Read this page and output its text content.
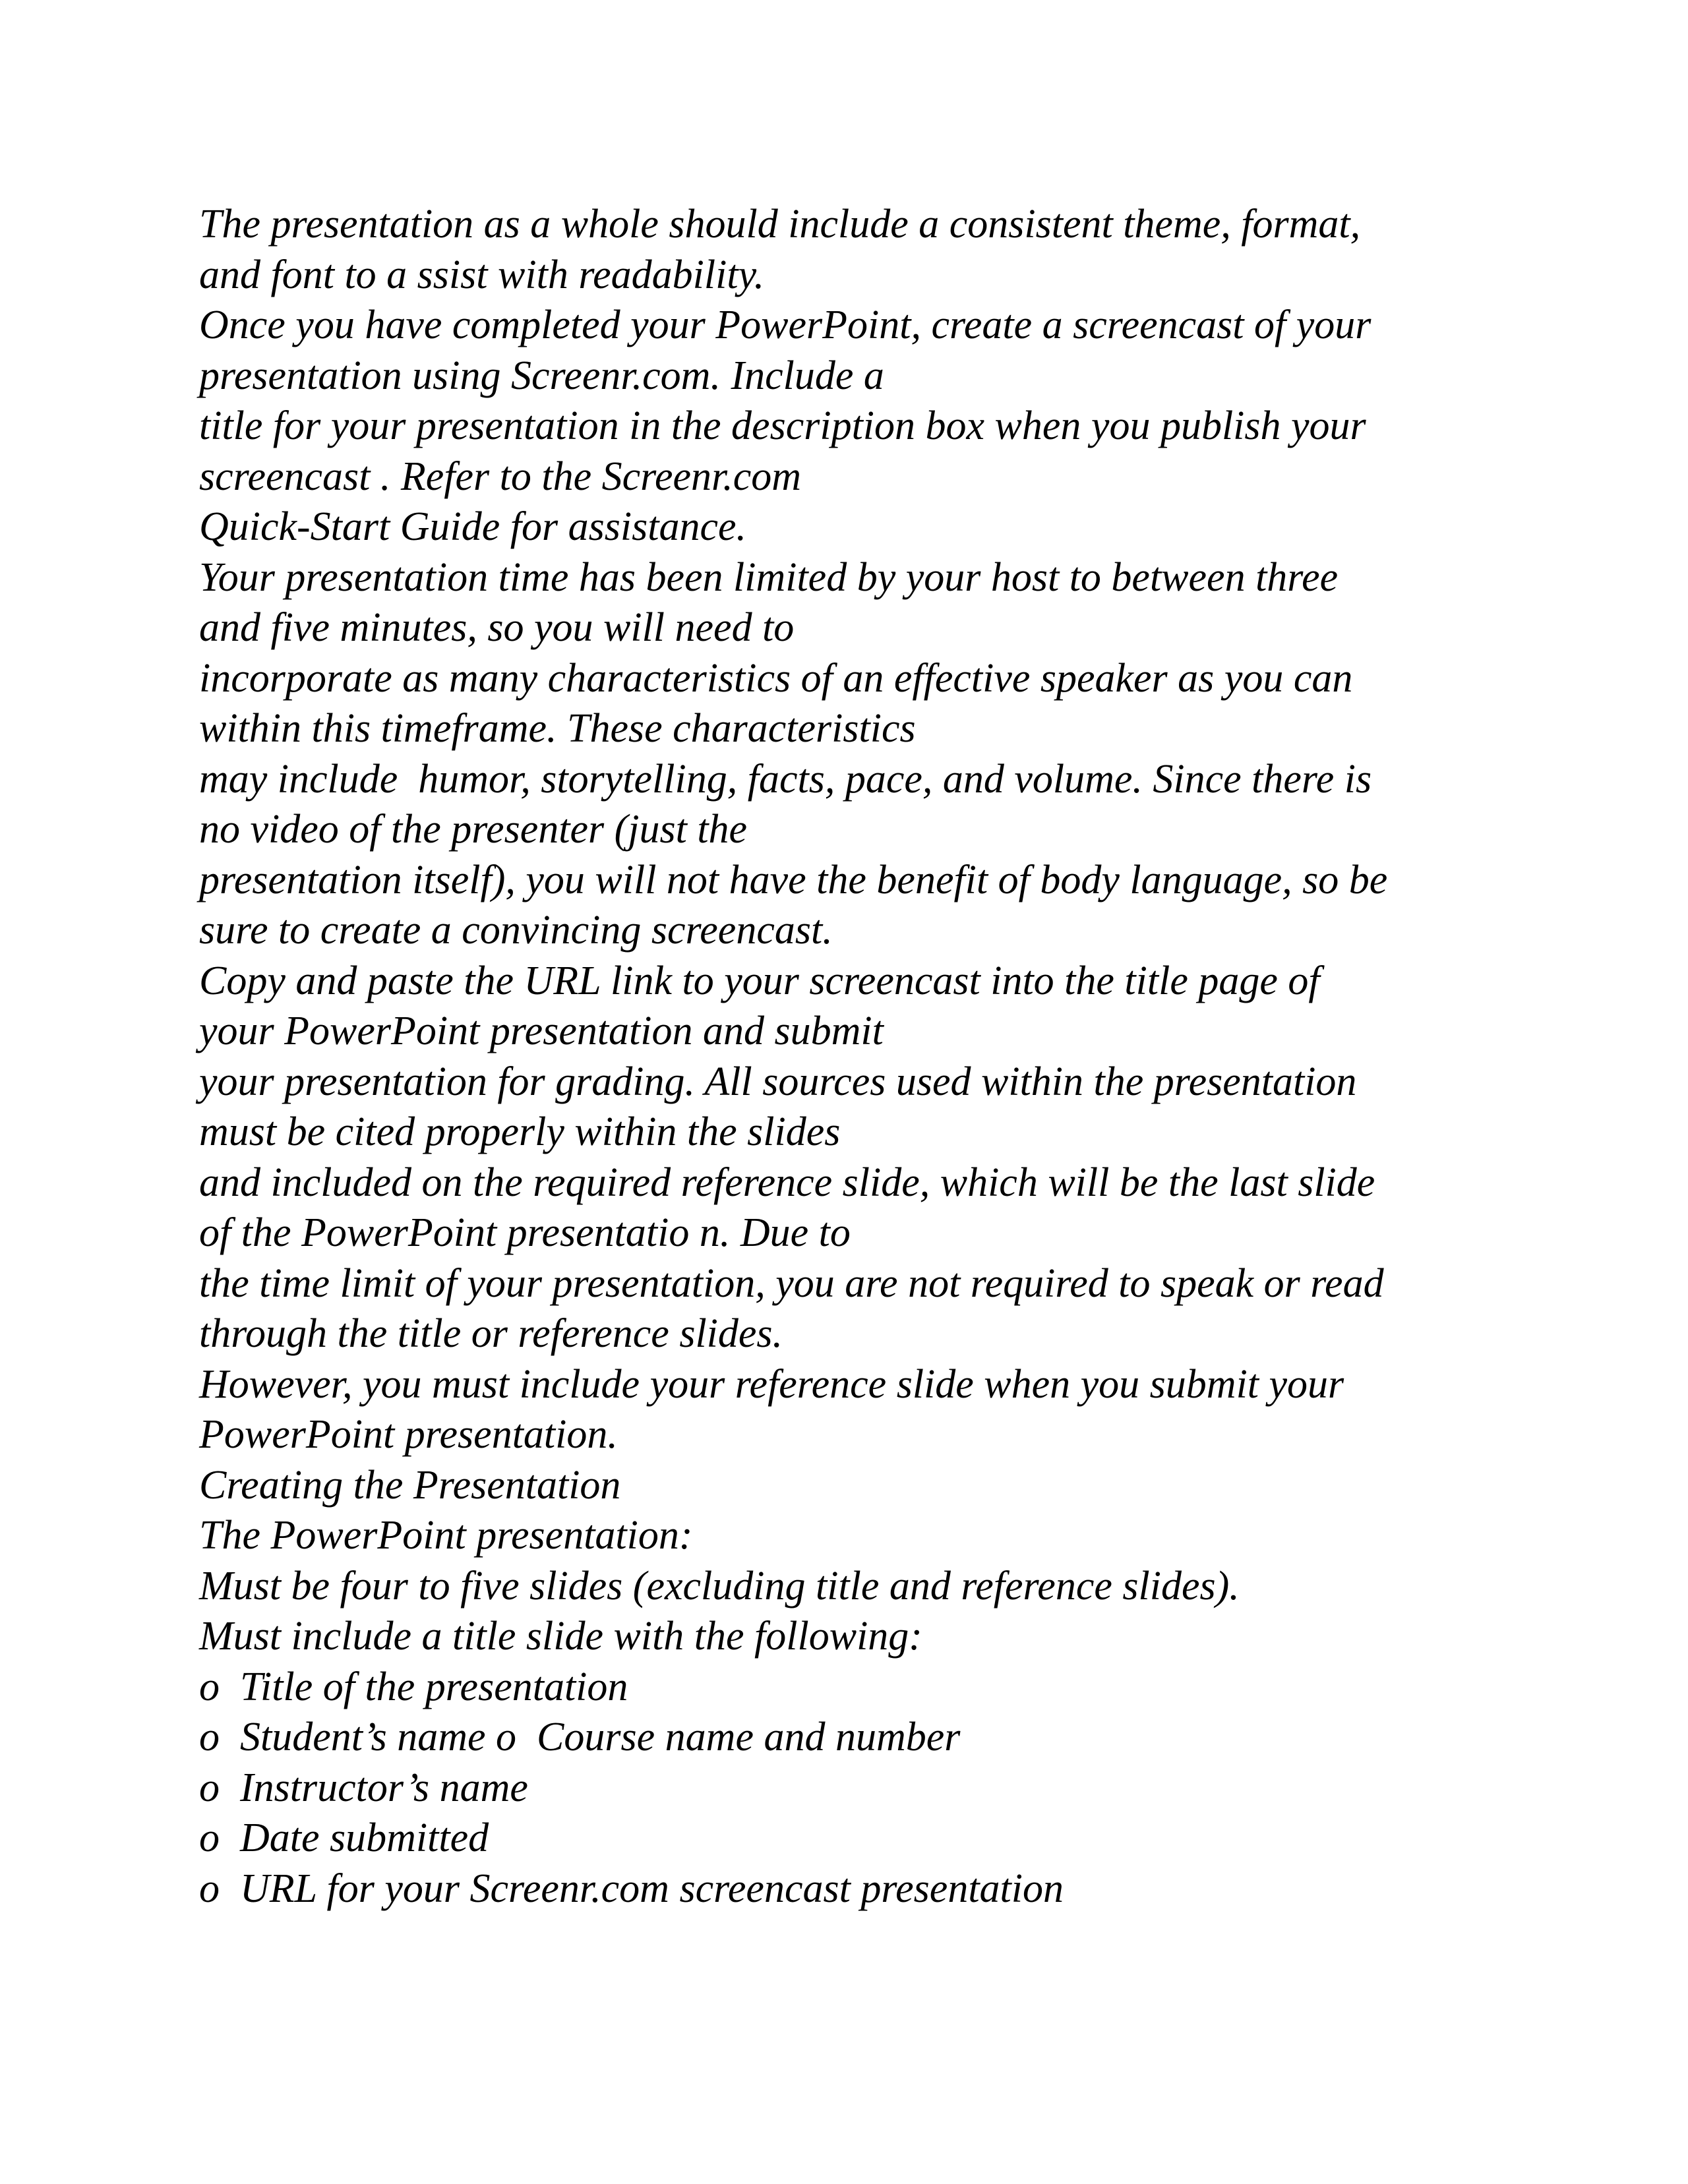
The presentation as a whole should include a consistent theme, format,
and font to a ssist with readability.
Once you have completed your PowerPoint, create a screencast of your
presentation using Screenr.com. Include a
title for your presentation in the description box when you publish your
screencast . Refer to the Screenr.com
Quick-Start Guide for assistance.
Your presentation time has been limited by your host to between three
and five minutes, so you will need to
incorporate as many characteristics of an effective speaker as you can
within this timeframe. These characteristics
may include  humor, storytelling, facts, pace, and volume. Since there is
no video of the presenter (just the
presentation itself), you will not have the benefit of body language, so be
sure to create a convincing screencast.
Copy and paste the URL link to your screencast into the title page of
your PowerPoint presentation and submit
your presentation for grading. All sources used within the presentation
must be cited properly within the slides
and included on the required reference slide, which will be the last slide
of the PowerPoint presentatio n. Due to
the time limit of your presentation, you are not required to speak or read
through the title or reference slides.
However, you must include your reference slide when you submit your
PowerPoint presentation.
Creating the Presentation
The PowerPoint presentation:
Must be four to five slides (excluding title and reference slides).
Must include a title slide with the following:
o  Title of the presentation
o  Student’s name o  Course name and number
o  Instructor’s name
o  Date submitted
o  URL for your Screenr.com screencast presentation
